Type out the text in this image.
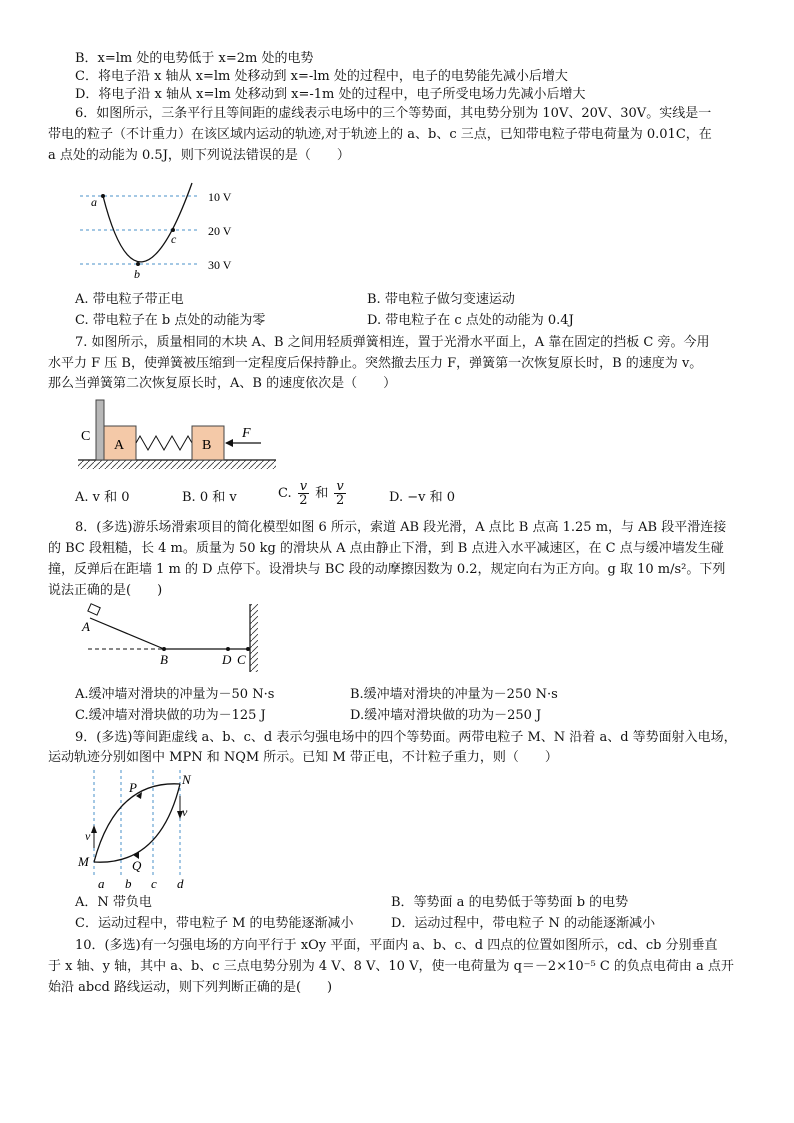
B．x=lm 处的电势低于 x=2m 处的电势
C．将电子沿 x 轴从 x=lm 处移动到 x=-lm 处的过程中，电子的电势能先减小后增大
D．将电子沿 x 轴从 x=lm 处移动到 x=-1m 处的过程中，电子所受电场力先减小后增大
6．如图所示，三条平行且等间距的虚线表示电场中的三个等势面，其电势分别为 10V、20V、30V。实线是一
带电的粒子（不计重力）在该区域内运动的轨迹,对于轨迹上的 a、b、c 三点，已知带电粒子带电荷量为 0.01C，在
a 点处的动能为 0.5J，则下列说法错误的是（　　）
10 V
20 V
30 V
a
b
c
A. 带电粒子带正电	B. 带电粒子做匀变速运动
C. 带电粒子在 b 点处的动能为零	D. 带电粒子在 c 点处的动能为 0.4J
7. 如图所示，质量相同的木块 A、B 之间用轻质弹簧相连，置于光滑水平面上，A 靠在固定的挡板 C 旁。今用
水平力 F 压 B，使弹簧被压缩到一定程度后保持静止。突然撤去压力 F，弹簧第一次恢复原长时，B 的速度为 v。
那么当弹簧第二次恢复原长时，A、B 的速度依次是（　　）
C
A	B
F
A. v 和 0	B. 0 和 v	C. $\frac{v}{2}$ 和 $\frac{v}{2}$	D. −v 和 0
8．(多选)游乐场滑索项目的简化模型如图 6 所示，索道 AB 段光滑，A 点比 B 点高 1.25 m，与 AB 段平滑连接
的 BC 段粗糙，长 4 m。质量为 50 kg 的滑块从 A 点由静止下滑，到 B 点进入水平减速区，在 C 点与缓冲墙发生碰
撞，反弹后在距墙 1 m 的 D 点停下。设滑块与 BC 段的动摩擦因数为 0.2，规定向右为正方向。g 取 10 m/s²。下列
说法正确的是(　　)
A
B	D C
A.缓冲墙对滑块的冲量为－50 N·s	B.缓冲墙对滑块的冲量为－250 N·s
C.缓冲墙对滑块做的功为－125 J	D.缓冲墙对滑块做的功为－250 J
9．(多选)等间距虚线 a、b、c、d 表示匀强电场中的四个等势面。两带电粒子 M、N 沿着 a、d 等势面射入电场，
运动轨迹分别如图中 MPN 和 NQM 所示。已知 M 带正电，不计粒子重力，则（　　）
P
N
M	Q
v
v
a b c d
A．N 带负电	B．等势面 a 的电势低于等势面 b 的电势
C．运动过程中，带电粒子 M 的电势能逐渐减小	D．运动过程中，带电粒子 N 的动能逐渐减小
10．(多选)有一匀强电场的方向平行于 xOy 平面，平面内 a、b、c、d 四点的位置如图所示，cd、cb 分别垂直
于 x 轴、y 轴，其中 a、b、c 三点电势分别为 4 V、8 V、10 V，使一电荷量为 q＝－2×10⁻⁵ C 的负点电荷由 a 点开
始沿 abcd 路线运动，则下列判断正确的是(　　)
